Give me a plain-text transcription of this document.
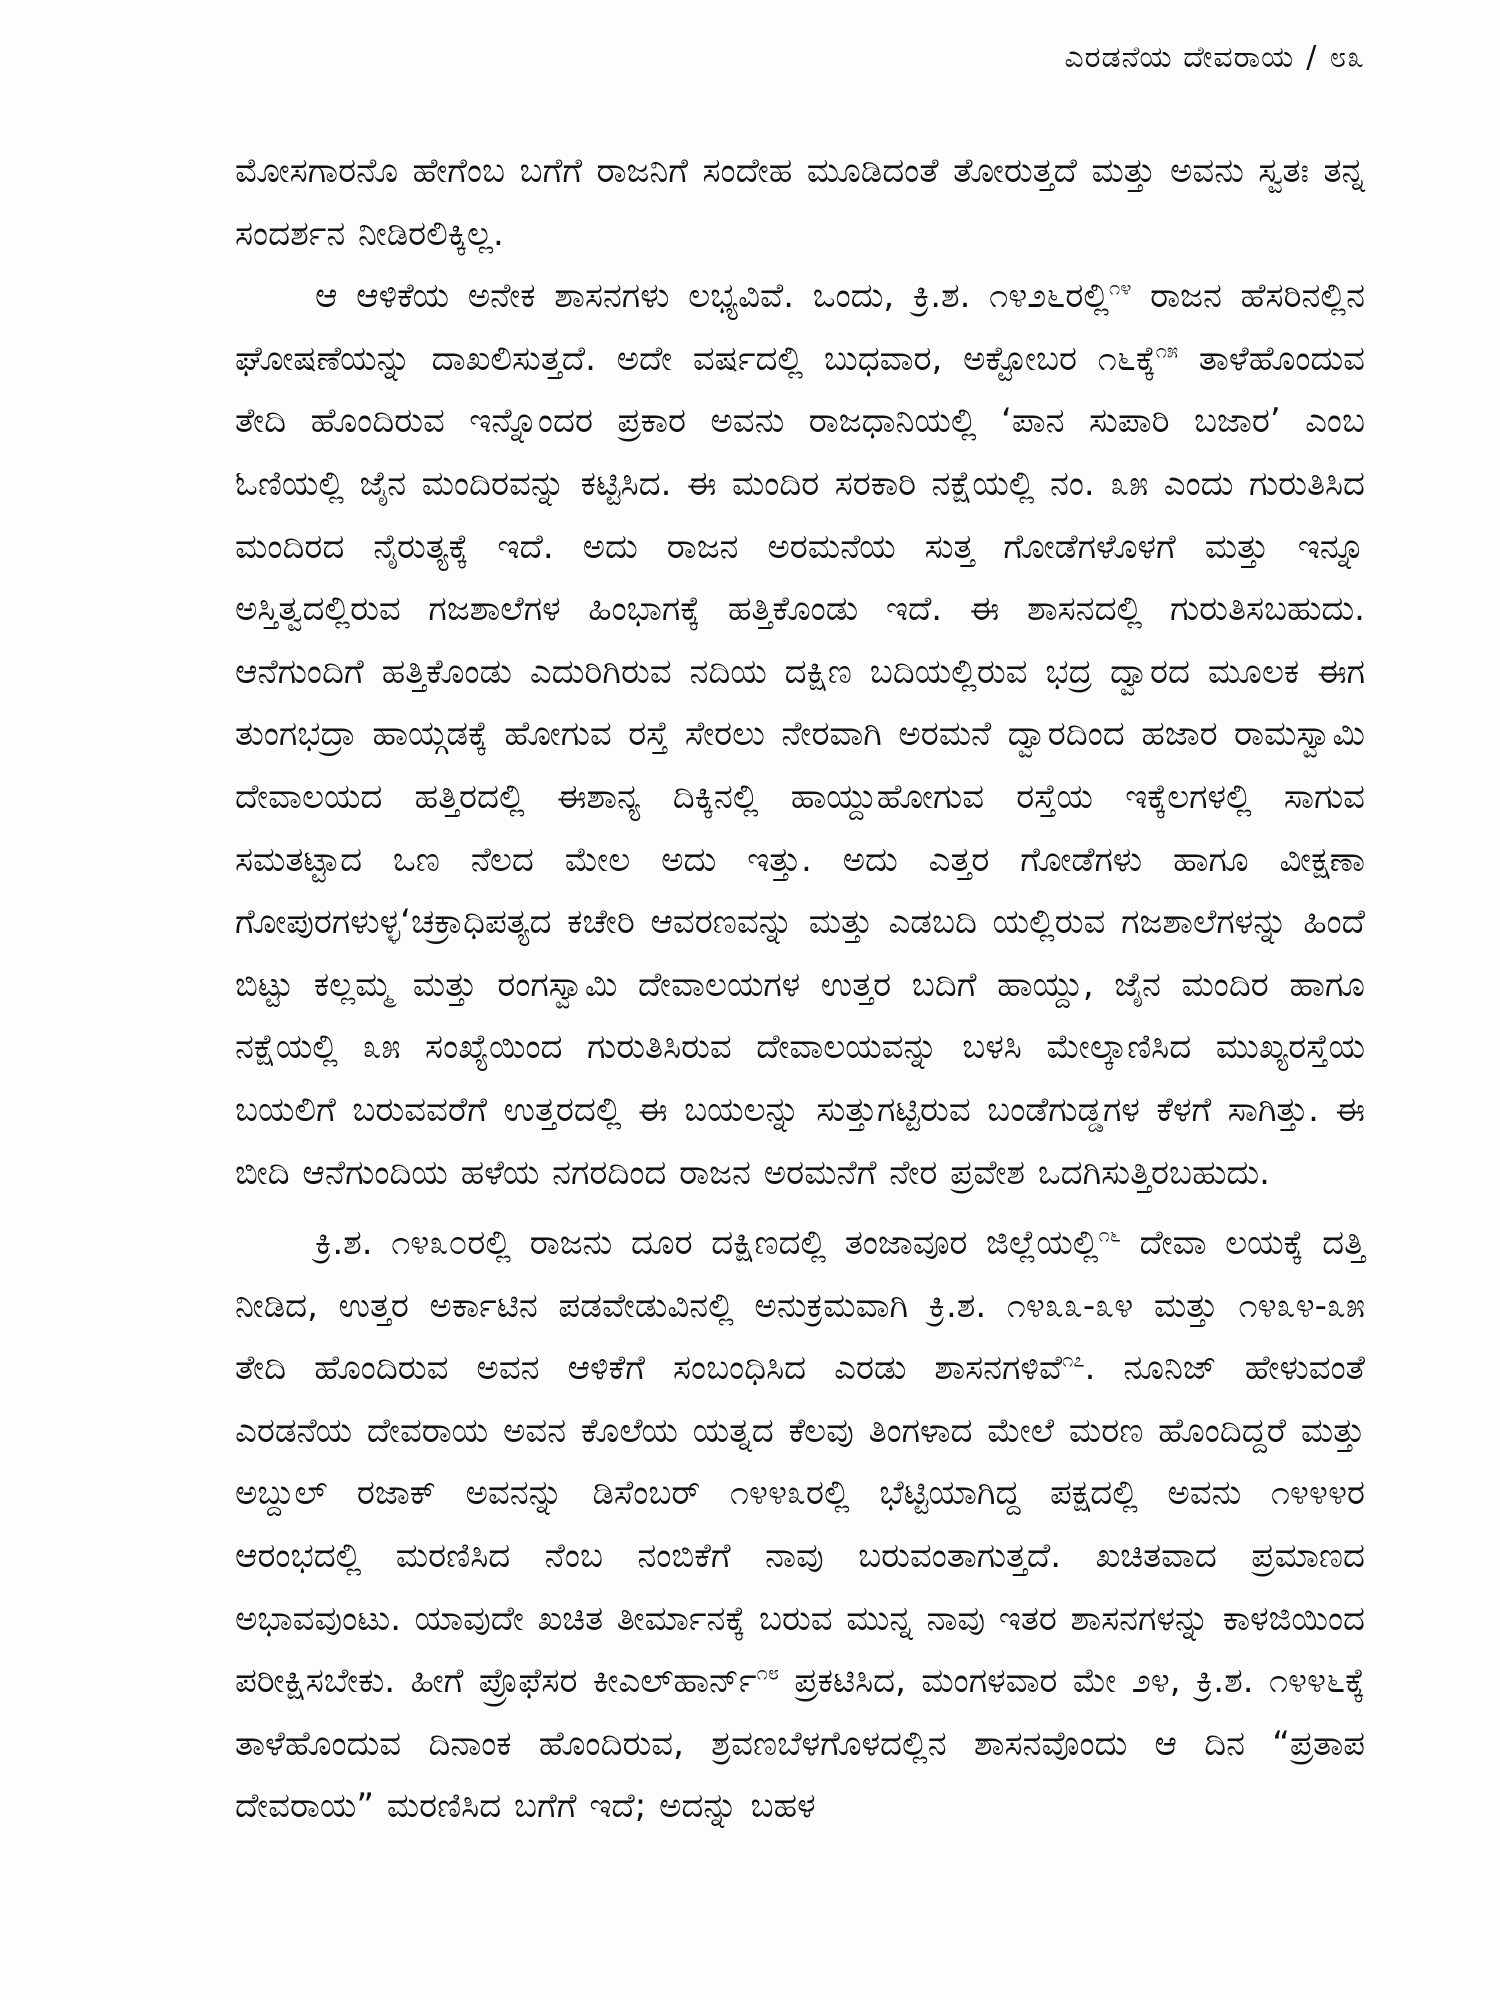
ಎರಡನೆಯ ದೇವರಾಯ / ೮೩

ಮೋಸಗಾರನೊ ಹೇಗೆಂಬ ಬಗೆಗೆ ರಾಜನಿಗೆ ಸಂದೇಹ ಮೂಡಿದಂತೆ ತೋರುತ್ತದೆ ಮತ್ತು ಅವನು ಸ್ವತಃ ತನ್ನ ಸಂದರ್ಶನ ನೀಡಿರಲಿಕ್ಕಿಲ್ಲ.

ಆ ಆಳಿಕೆಯ ಅನೇಕ ಶಾಸನಗಳು ಲಭ್ಯವಿವೆ. ಒಂದು, ಕ್ರಿ.ಶ. ೧೪೨೬ರಲ್ಲಿ$^{೧೪}$ ರಾಜನ ಹೆಸರಿನಲ್ಲಿನ ಘೋಷಣೆಯನ್ನು ದಾಖಲಿಸುತ್ತದೆ. ಅದೇ ವರ್ಷದಲ್ಲಿ ಬುಧವಾರ, ಅಕ್ಟೋಬರ ೧೬ಕ್ಕೆ$^{೧೫}$ ತಾಳೆಹೊಂದುವ ತೇದಿ ಹೊಂದಿರುವ ಇನ್ನೊಂದರ ಪ್ರಕಾರ ಅವನು ರಾಜಧಾನಿಯಲ್ಲಿ ‘ಪಾನ ಸುಪಾರಿ ಬಜಾರ’ ಎಂಬ ಓಣಿಯಲ್ಲಿ ಜೈನ ಮಂದಿರವನ್ನು ಕಟ್ಟಿಸಿದ. ಈ ಮಂದಿರ ಸರಕಾರಿ ನಕ್ಷೆಯಲ್ಲಿ ನಂ. ೩೫ ಎಂದು ಗುರುತಿಸಿದ ಮಂದಿರದ ನೈರುತ್ಯಕ್ಕೆ ಇದೆ. ಅದು ರಾಜನ ಅರಮನೆಯ ಸುತ್ತ ಗೋಡೆಗಳೊಳಗೆ ಮತ್ತು ಇನ್ನೂ ಅಸ್ತಿತ್ವದಲ್ಲಿರುವ ಗಜಶಾಲೆಗಳ ಹಿಂಭಾಗಕ್ಕೆ ಹತ್ತಿಕೊಂಡು ಇದೆ. ಈ ಶಾಸನದಲ್ಲಿ ಗುರುತಿಸಬಹುದು. ಆನೆಗುಂದಿಗೆ ಹತ್ತಿಕೊಂಡು ಎದುರಿಗಿರುವ ನದಿಯ ದಕ್ಷಿಣ ಬದಿಯಲ್ಲಿರುವ ಭದ್ರ ದ್ವಾರದ ಮೂಲಕ ಈಗ ತುಂಗಭದ್ರಾ ಹಾಯ್ಗಡಕ್ಕೆ ಹೋಗುವ ರಸ್ತೆ ಸೇರಲು ನೇರವಾಗಿ ಅರಮನೆ ದ್ವಾರದಿಂದ ಹಜಾರ ರಾಮಸ್ವಾಮಿ ದೇವಾಲಯದ ಹತ್ತಿರದಲ್ಲಿ ಈಶಾನ್ಯ ದಿಕ್ಕಿನಲ್ಲಿ ಹಾಯ್ದುಹೋಗುವ ರಸ್ತೆಯ ಇಕ್ಕೆಲಗಳಲ್ಲಿ ಸಾಗುವ ಸಮತಟ್ಟಾದ ಒಣ ನೆಲದ ಮೇಲ ಅದು ಇತ್ತು. ಅದು ಎತ್ತರ ಗೋಡೆಗಳು ಹಾಗೂ ವೀಕ್ಷಣಾ ಗೋಪುರಗಳುಳ್ಳ‘ಚಕ್ರಾಧಿಪತ್ಯದ ಕಚೇರಿ ಆವರಣವನ್ನು ಮತ್ತು ಎಡಬದಿ ಯಲ್ಲಿರುವ ಗಜಶಾಲೆಗಳನ್ನು ಹಿಂದೆ ಬಿಟ್ಟು ಕಲ್ಲಮ್ಮ ಮತ್ತು ರಂಗಸ್ವಾಮಿ ದೇವಾಲಯಗಳ ಉತ್ತರ ಬದಿಗೆ ಹಾಯ್ದು, ಜೈನ ಮಂದಿರ ಹಾಗೂ ನಕ್ಷೆಯಲ್ಲಿ ೩೫ ಸಂಖ್ಯೆಯಿಂದ ಗುರುತಿಸಿರುವ ದೇವಾಲಯವನ್ನು ಬಳಸಿ ಮೇಲ್ಕಾಣಿಸಿದ ಮುಖ್ಯರಸ್ತೆಯ ಬಯಲಿಗೆ ಬರುವವರೆಗೆ ಉತ್ತರದಲ್ಲಿ ಈ ಬಯಲನ್ನು ಸುತ್ತುಗಟ್ಟಿರುವ ಬಂಡೆಗುಡ್ಡಗಳ ಕೆಳಗೆ ಸಾಗಿತ್ತು. ಈ ಬೀದಿ ಆನೆಗುಂದಿಯ ಹಳೆಯ ನಗರದಿಂದ ರಾಜನ ಅರಮನೆಗೆ ನೇರ ಪ್ರವೇಶ ಒದಗಿಸುತ್ತಿರಬಹುದು.

ಕ್ರಿ.ಶ. ೧೪೩೦ರಲ್ಲಿ ರಾಜನು ದೂರ ದಕ್ಷಿಣದಲ್ಲಿ ತಂಜಾವೂರ ಜಿಲ್ಲೆಯಲ್ಲಿ$^{೧೬}$ ದೇವಾ ಲಯಕ್ಕೆ ದತ್ತಿ ನೀಡಿದ, ಉತ್ತರ ಅರ್ಕಾಟಿನ ಪಡವೇಡುವಿನಲ್ಲಿ ಅನುಕ್ರಮವಾಗಿ ಕ್ರಿ.ಶ. ೧೪೩೩-೩೪ ಮತ್ತು ೧೪೩೪-೩೫ ತೇದಿ ಹೊಂದಿರುವ ಅವನ ಆಳಿಕೆಗೆ ಸಂಬಂಧಿಸಿದ ಎರಡು ಶಾಸನಗಳಿವೆ$^{೧೭}$. ನೂನಿಜ್ ಹೇಳುವಂತೆ ಎರಡನೆಯ ದೇವರಾಯ ಅವನ ಕೊಲೆಯ ಯತ್ನದ ಕೆಲವು ತಿಂಗಳಾದ ಮೇಲೆ ಮರಣ ಹೊಂದಿದ್ದರೆ ಮತ್ತು ಅಬ್ದುಲ್ ರಜಾಕ್ ಅವನನ್ನು ಡಿಸೆಂಬರ್ ೧೪೪೩ರಲ್ಲಿ ಭೆಟ್ಟಿಯಾಗಿದ್ದ ಪಕ್ಷದಲ್ಲಿ ಅವನು ೧೪೪೪ರ ಆರಂಭದಲ್ಲಿ ಮರಣಿಸಿದ ನೆಂಬ ನಂಬಿಕೆಗೆ ನಾವು ಬರುವಂತಾಗುತ್ತದೆ. ಖಚಿತವಾದ ಪ್ರಮಾಣದ ಅಭಾವವುಂಟು. ಯಾವುದೇ ಖಚಿತ ತೀರ್ಮಾನಕ್ಕೆ ಬರುವ ಮುನ್ನ ನಾವು ಇತರ ಶಾಸನಗಳನ್ನು ಕಾಳಜಿಯಿಂದ ಪರೀಕ್ಷಿಸಬೇಕು. ಹೀಗೆ ಪ್ರೊಫೆಸರ ಕೀಎಲ್‌ಹಾರ್ನ್$^{೧೮}$ ಪ್ರಕಟಿಸಿದ, ಮಂಗಳವಾರ ಮೇ ೨೪, ಕ್ರಿ.ಶ. ೧೪೪೬ಕ್ಕೆ ತಾಳೆಹೊಂದುವ ದಿನಾಂಕ ಹೊಂದಿರುವ, ಶ್ರವಣಬೆಳಗೊಳದಲ್ಲಿನ ಶಾಸನವೊಂದು ಆ ದಿನ “ಪ್ರತಾಪ ದೇವರಾಯ” ಮರಣಿಸಿದ ಬಗೆಗೆ ಇದೆ; ಅದನ್ನು ಬಹಳ
